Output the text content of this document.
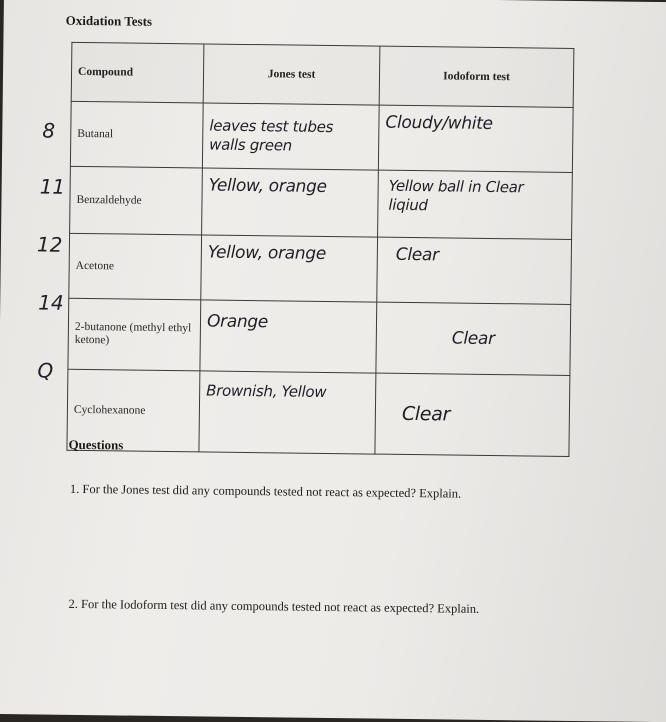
Oxidation Tests
Compound	Jones test	Iodoform test
Butanal	leaves test tubes walls green	Cloudy/white
Benzaldehyde	Yellow, orange	Yellow ball in Clear liqiud
Acetone	Yellow, orange	Clear
2-butanone (methyl ethyl ketone)	Orange	Clear
Cyclohexanone	Brownish, Yellow	Clear
8
11
12
14
Q
Questions
1. For the Jones test did any compounds tested not react as expected? Explain.
2. For the Iodoform test did any compounds tested not react as expected? Explain.
